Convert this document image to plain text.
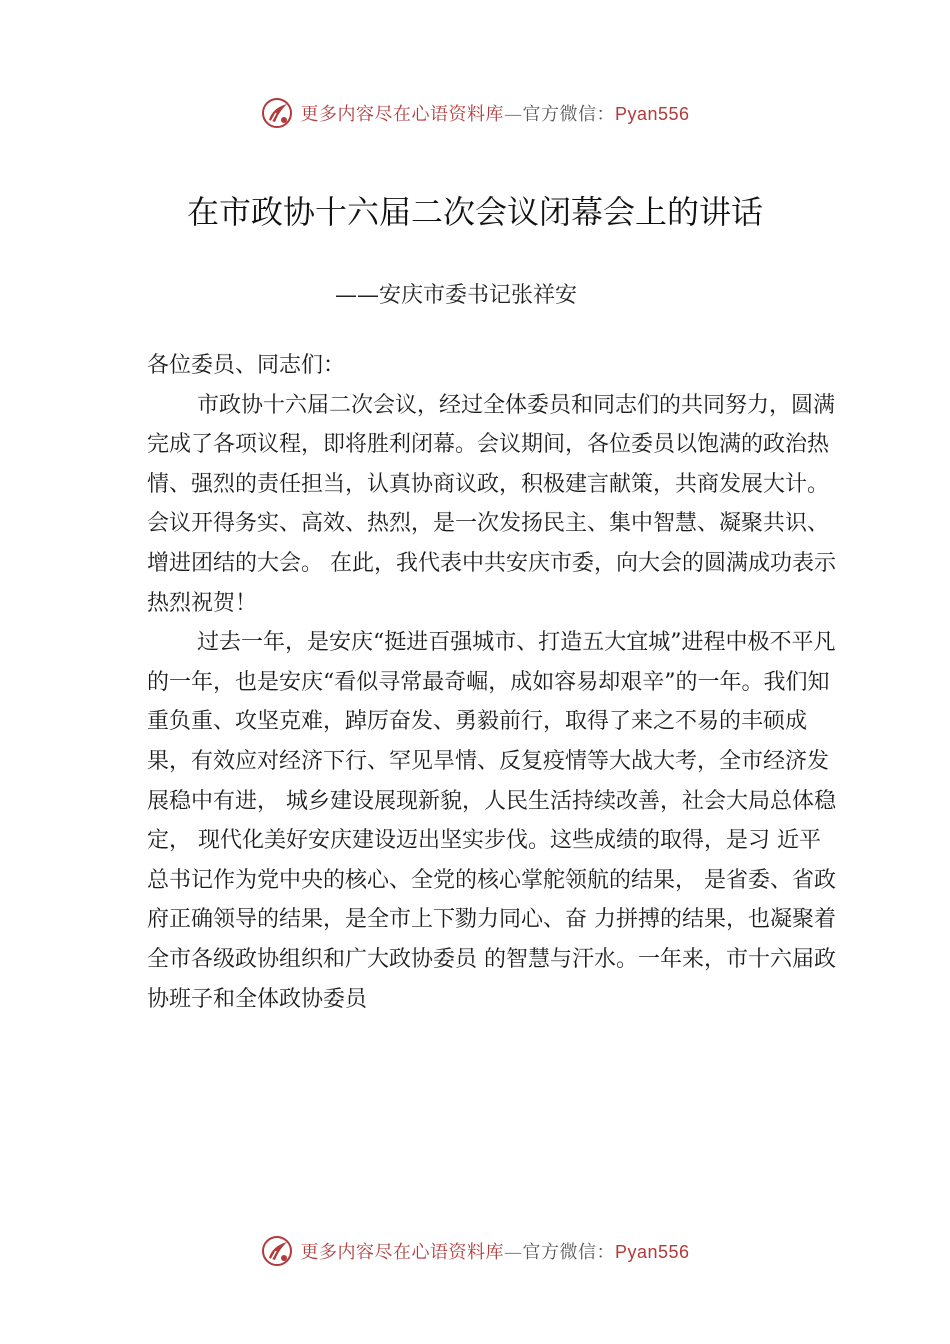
更多内容尽在心语资料库—官方微信：Pyan556
在市政协十六届二次会议闭幕会上的讲话
——安庆市委书记张祥安

各位委员、同志们：

市政协十六届二次会议，经过全体委员和同志们的共同努力，圆满完成了各项议程，即将胜利闭幕。会议期间，各位委员以饱满的政治热情、强烈的责任担当，认真协商议政，积极建言献策，共商发展大计。会议开得务实、高效、热烈，是一次发扬民主、集中智慧、凝聚共识、增进团结的大会。 在此，我代表中共安庆市委，向大会的圆满成功表示热烈祝贺！

过去一年，是安庆“挺进百强城市、打造五大宜城”进程中极不平凡的一年，也是安庆“看似寻常最奇崛，成如容易却艰辛”的一年。我们知重负重、攻坚克难，踔厉奋发、勇毅前行，取得了来之不易的丰硕成果，有效应对经济下行、罕见旱情、反复疫情等大战大考，全市经济发展稳中有进， 城乡建设展现新貌，人民生活持续改善，社会大局总体稳定， 现代化美好安庆建设迈出坚实步伐。这些成绩的取得，是习 近平总书记作为党中央的核心、全党的核心掌舵领航的结果， 是省委、省政府正确领导的结果，是全市上下勠力同心、奋 力拼搏的结果，也凝聚着全市各级政协组织和广大政协委员 的智慧与汗水。一年来，市十六届政协班子和全体政协委员

更多内容尽在心语资料库—官方微信：Pyan556
